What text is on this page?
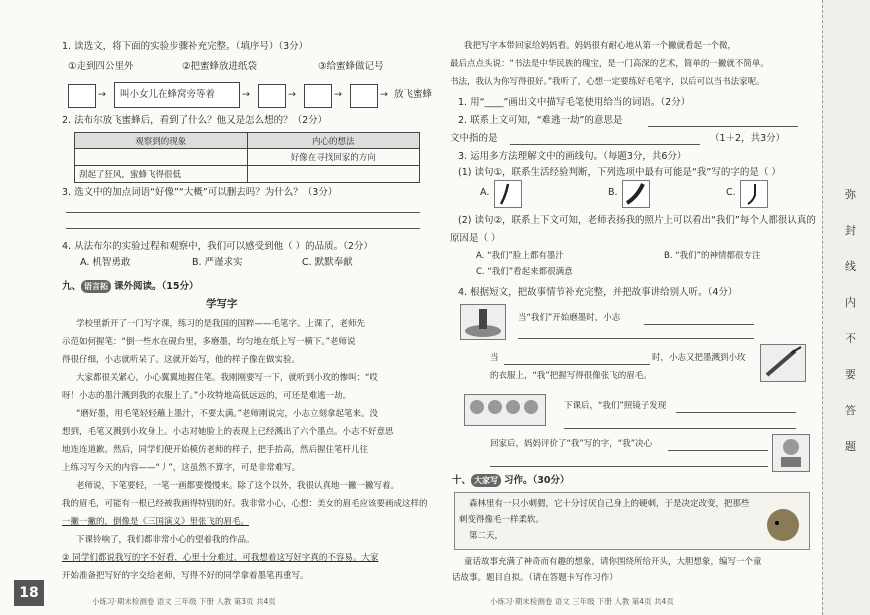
1. 读选文，将下面的实验步骤补充完整。（填序号）（3分）
①走到四公里外	②把蜜蜂放进纸袋	③给蜜蜂做记号
→ 叫小女儿在蜂窝旁等着	→	→	→	→ 放飞蜜蜂
2. 法布尔放飞蜜蜂后，看到了什么？他又是怎么想的？（2分）
观察到的现象	内心的想法
	好像在寻找回家的方向
刮起了狂风，蜜蜂飞得很低	
3. 选文中的加点词语“好像”“大概”可以删去吗？为什么？（3分）
4. 从法布尔的实验过程和观察中，我们可以感受到他（ ）的品质。（2分）
A. 机智勇敢	B. 严谨求实	C. 默默奉献
九、 语言拓 课外阅读。（15分）
学写字
学校里新开了一门写字课，练习的是我国的国粹——毛笔字。上课了，老师先
示范如何握笔：“倒一些水在砚台里，多磨墨，均匀地在纸上写一横下。”老师说
得很仔细，小志就听呆了。这就开始写，他的样子像在做实验。
大家都很关紧心，小心翼翼地握住笔。我刚刚要写一下，就听到小玫的惨叫：“哎
呀！小志的墨汁溅到我的衣服上了。”小玫特地高低远远的，可还是难逃一劫。
“磨好墨，用毛笔轻轻蘸上墨汁，不要太满。”老师刚说完，小志立刻拿起笔来。没
想到，毛笔又溅到小玫身上。小志对她脸上的表现上已经溅出了六个墨点。小志不好意思
地连连道歉。然后，同学们便开始模仿老师的样子，把手抬高，然后握住笔杆儿往
上练习写今天的内容——“丿”，这虽然不算字，可是非常难写。
老师说，下笔要轻，一笔一画都要慢慢来。除了这个以外，我很认真地一撇一撇写着。
我的眉毛，可能有一根已经被我画得特别的好。我非常小心，心想：美女的眉毛应该要画成这样的
一撇一撇的，倒像是《三国演义》里张飞的眉毛。
下课铃响了，我们都非常小心的望着我的作品。
② 同学们都说我写的字不好看，心里十分难过，可我想着这写好字真的不容易。大家
开始准备把写好的字交给老师，写得不好的同学拿着墨笔再重写。
18
小练习·期末检测卷 语文 三年级 下册 人教 第3页 共4页
我把写字本带回家给妈妈看。妈妈很有耐心地从第一个撇就看起一个微，
最后点点头说：“书法是中华民族的瑰宝，是一门高深的艺术，简单的一撇就不简单。
书法，我认为你写得很好。”我听了，心想一定要练好毛笔字，以后可以当书法家呢。
1. 用“____”画出文中描写毛笔使用给当的词语。（2分）
2. 联系上文可知，“难逃一劫”的意思是
文中指的是	（1＋2，共3分）
3. 运用多方法理解文中的画线句。（每题3分，共6分）
(1) 读句①，联系生活经验判断，下列选项中最有可能是“我”写的字的是（ ）
A.	B.	C.
(2) 读句②，联系上下文可知，老师表扬我的照片上可以看出“我们”每个人都很认真的
原因是（ ）
A. “我们”脸上都有墨汁	B. “我们”的神情都很专注
C. “我们”看起来都很满意
4. 根据短文，把故事情节补充完整，并把故事讲给别人听。（4分）
当“我们”开始磨墨时，小志
当	时，小志又把墨溅到小玫
的衣服上，“我”把握写得很像张飞的眉毛。
下课后，“我们”照镜子发现
回家后，妈妈评价了“我”写的字，“我”决心
十、 大家写 习作。（30分）
森林里有一只小刺猬，它十分讨厌自己身上的硬刺，于是决定改变，把那些
刺变得像毛一样柔软。
第二天，
童话故事充满了神奇而有趣的想象，请你围绕所给开头，大胆想象，编写一个童
话故事。题目自拟。（请在答题卡写作习作）
小练习·期末检测卷 语文 三年级 下册 人教 第4页 共4页
弥
封
线
内
不
要
答
题
